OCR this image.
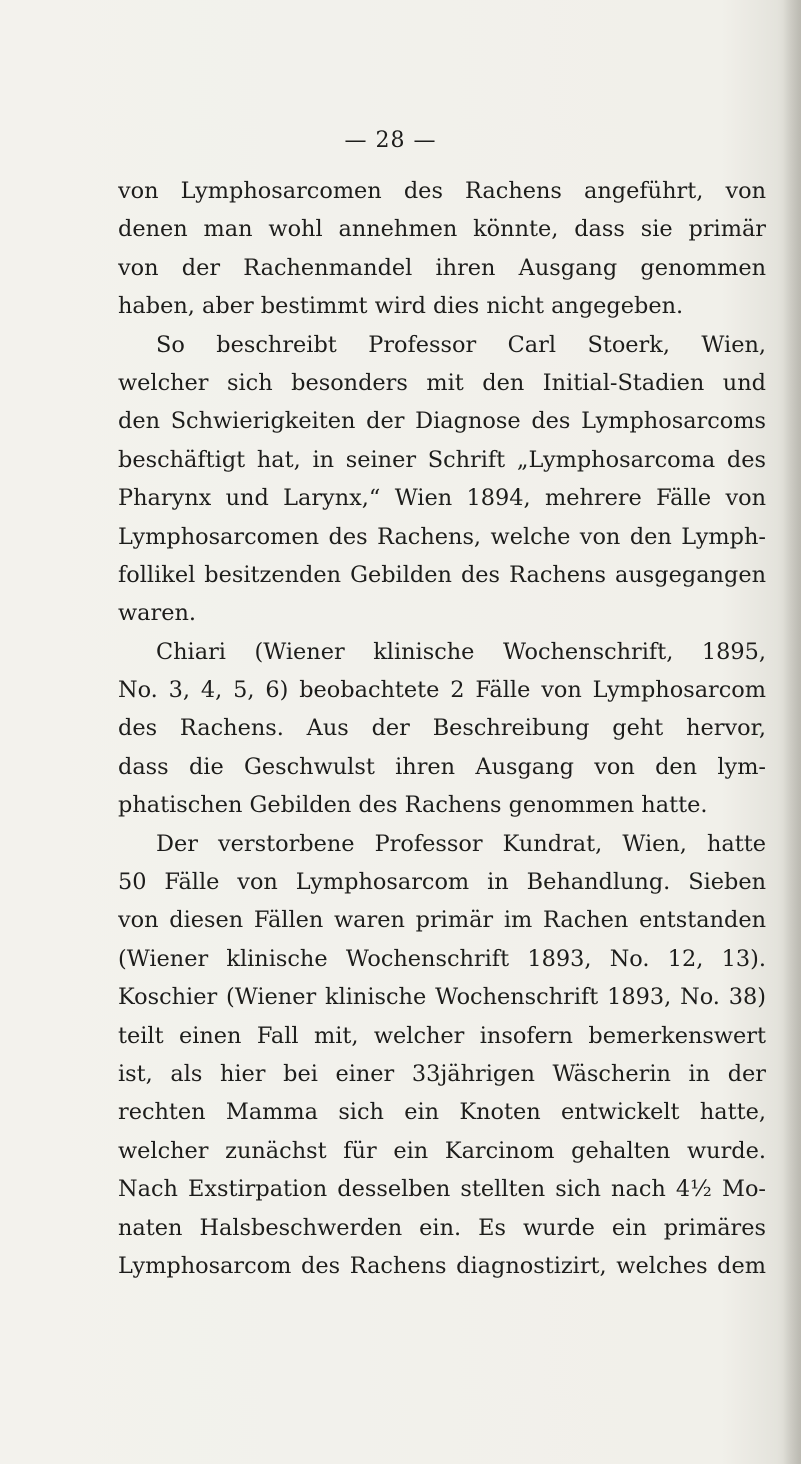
— 28 —
von Lymphosarcomen des Rachens angeführt, von
denen man wohl annehmen könnte, dass sie primär
von der Rachenmandel ihren Ausgang genommen
haben, aber bestimmt wird dies nicht angegeben.
So beschreibt Professor Carl Stoerk, Wien,
welcher sich besonders mit den Initial-Stadien und
den Schwierigkeiten der Diagnose des Lymphosarcoms
beschäftigt hat, in seiner Schrift „Lymphosarcoma des
Pharynx und Larynx,“ Wien 1894, mehrere Fälle von
Lymphosarcomen des Rachens, welche von den Lymph-
follikel besitzenden Gebilden des Rachens ausgegangen
waren.
Chiari (Wiener klinische Wochenschrift, 1895,
No. 3, 4, 5, 6) beobachtete 2 Fälle von Lymphosarcom
des Rachens. Aus der Beschreibung geht hervor,
dass die Geschwulst ihren Ausgang von den lym-
phatischen Gebilden des Rachens genommen hatte.
Der verstorbene Professor Kundrat, Wien, hatte
50 Fälle von Lymphosarcom in Behandlung. Sieben
von diesen Fällen waren primär im Rachen entstanden
(Wiener klinische Wochenschrift 1893, No. 12, 13).
Koschier (Wiener klinische Wochenschrift 1893, No. 38)
teilt einen Fall mit, welcher insofern bemerkenswert
ist, als hier bei einer 33jährigen Wäscherin in der
rechten Mamma sich ein Knoten entwickelt hatte,
welcher zunächst für ein Karcinom gehalten wurde.
Nach Exstirpation desselben stellten sich nach 4½ Mo-
naten Halsbeschwerden ein. Es wurde ein primäres
Lymphosarcom des Rachens diagnostizirt, welches dem
